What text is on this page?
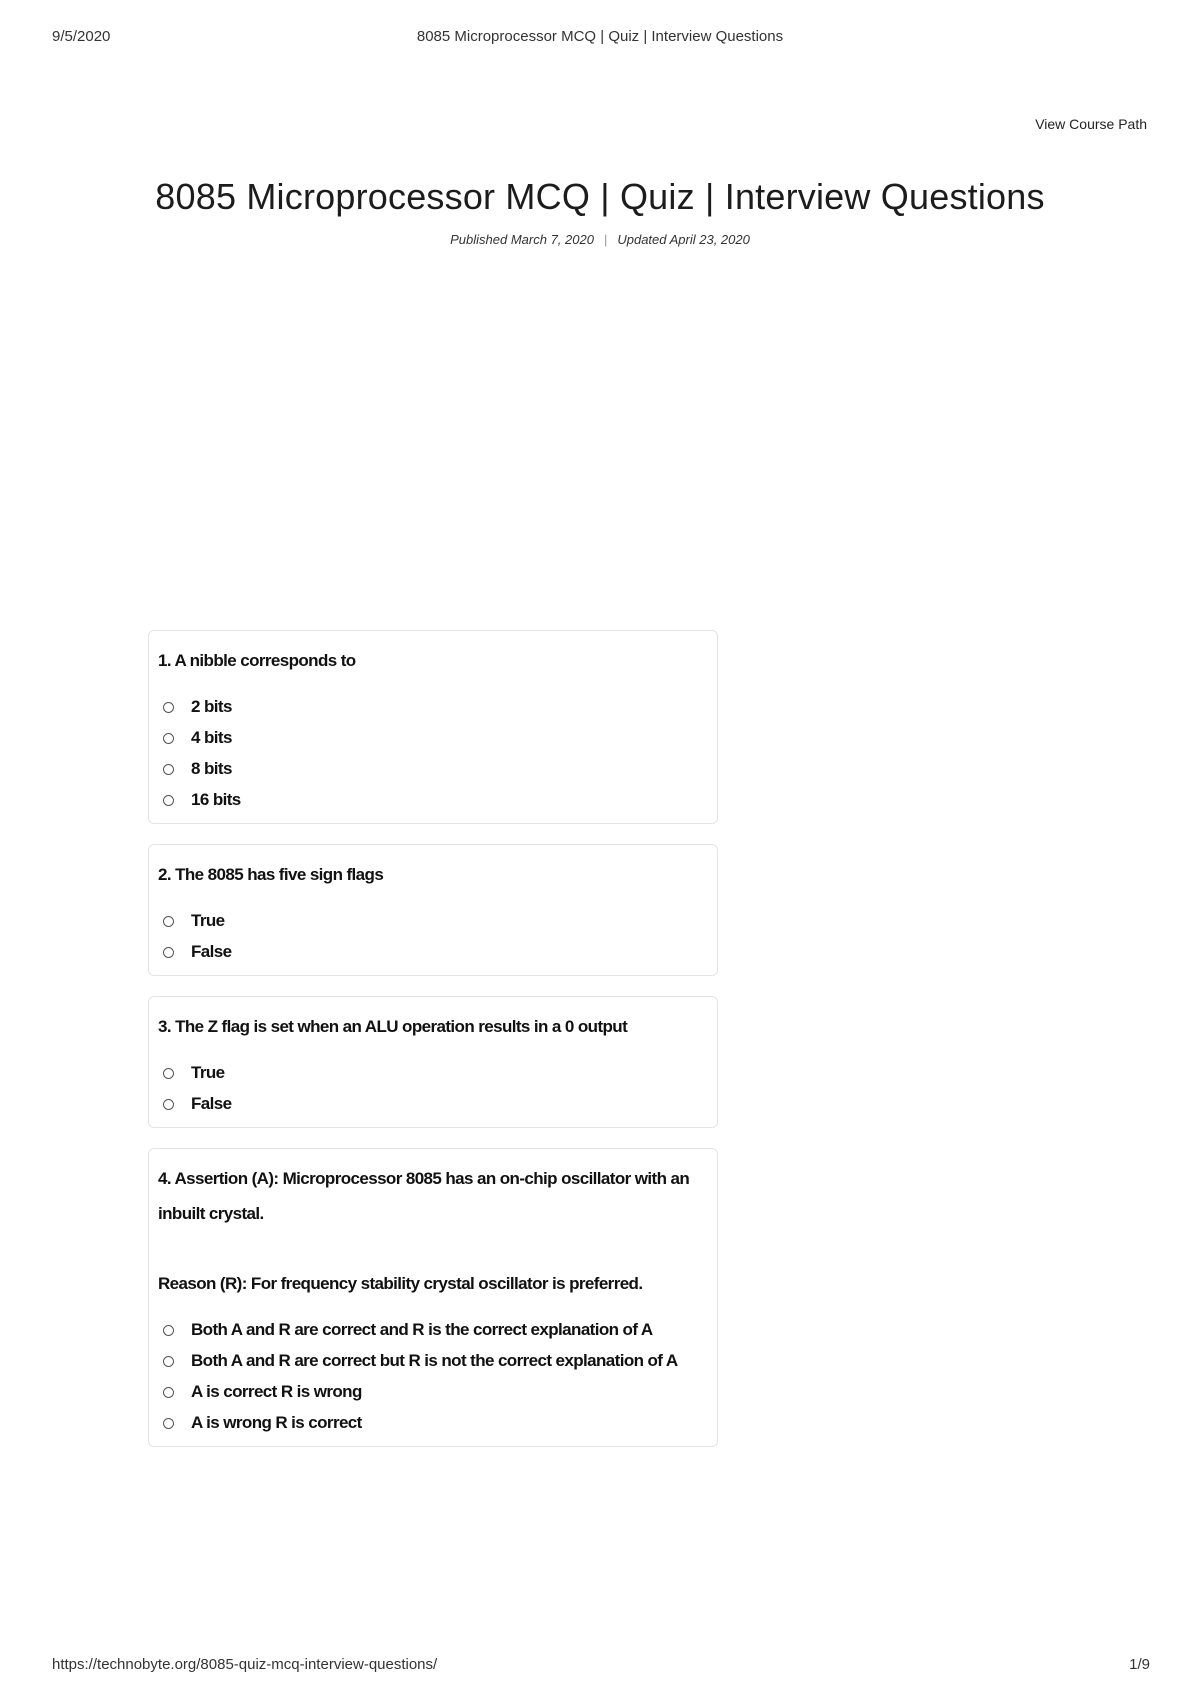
9/5/2020	8085 Microprocessor MCQ | Quiz | Interview Questions
View Course Path
8085 Microprocessor MCQ | Quiz | Interview Questions
Published March 7, 2020 | Updated April 23, 2020
1. A nibble corresponds to
2 bits
4 bits
8 bits
16 bits
2. The 8085 has five sign flags
True
False
3. The Z flag is set when an ALU operation results in a 0 output
True
False
4. Assertion (A): Microprocessor 8085 has an on-chip oscillator with an inbuilt crystal.
Reason (R): For frequency stability crystal oscillator is preferred.
Both A and R are correct and R is the correct explanation of A
Both A and R are correct but R is not the correct explanation of A
A is correct R is wrong
A is wrong R is correct
https://technobyte.org/8085-quiz-mcq-interview-questions/	1/9
